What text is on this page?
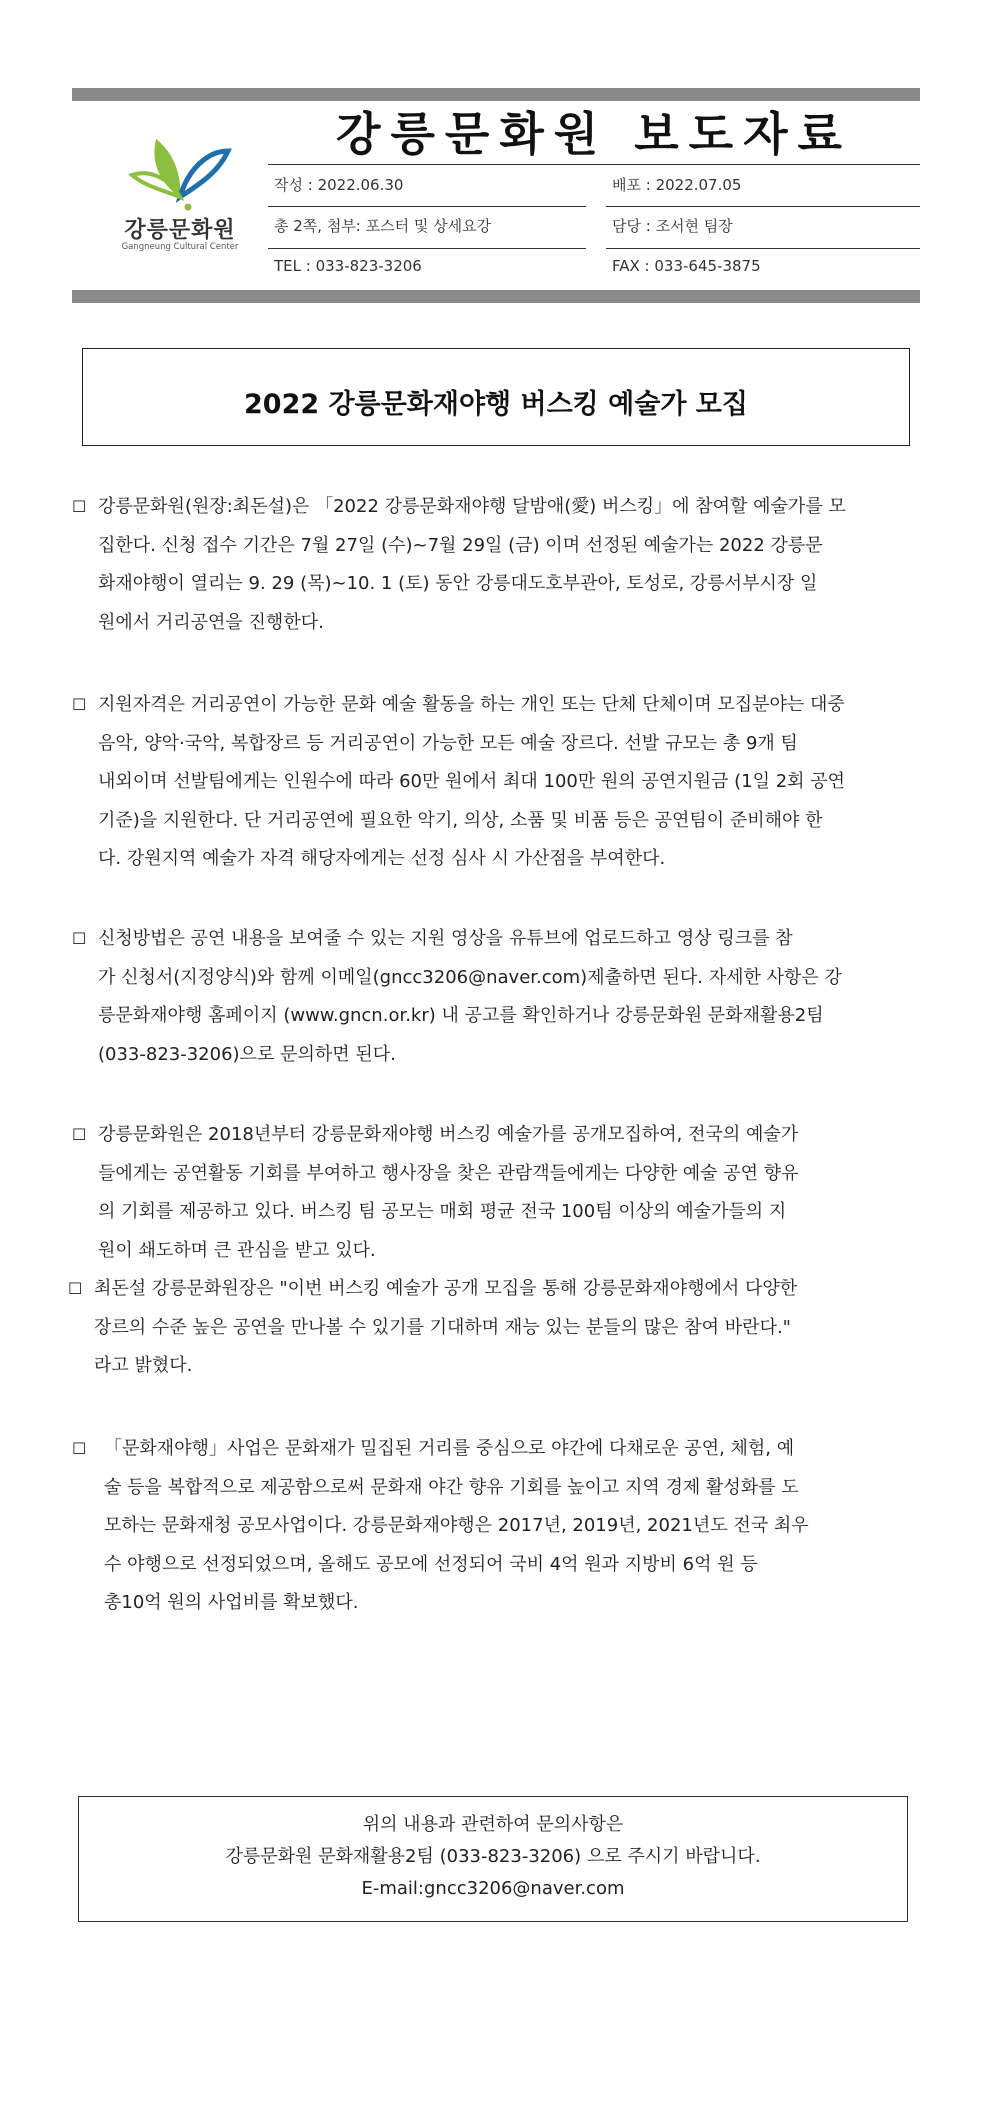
강릉문화원
Gangneung Cultural Center
강릉문화원 보도자료
작성 : 2022.06.30	배포 : 2022.07.05
총 2쪽, 첨부: 포스터 및 상세요강	담당 : 조서현 팀장
TEL : 033-823-3206	FAX : 033-645-3875
2022 강릉문화재야행 버스킹 예술가 모집
☐ 강릉문화원(원장:최돈설)은 「2022 강릉문화재야행 달밤애(愛) 버스킹」에 참여할 예술가를 모
집한다. 신청 접수 기간은 7월 27일 (수)~7월 29일 (금) 이며 선정된 예술가는 2022 강릉문
화재야행이 열리는 9. 29 (목)~10. 1 (토) 동안 강릉대도호부관아, 토성로, 강릉서부시장 일
원에서 거리공연을 진행한다.
☐ 지원자격은 거리공연이 가능한 문화 예술 활동을 하는 개인 또는 단체 단체이며 모집분야는 대중
음악, 양악·국악, 복합장르 등 거리공연이 가능한 모든 예술 장르다. 선발 규모는 총 9개 팀
내외이며 선발팀에게는 인원수에 따라 60만 원에서 최대 100만 원의 공연지원금 (1일 2회 공연
기준)을 지원한다. 단 거리공연에 필요한 악기, 의상, 소품 및 비품 등은 공연팀이 준비해야 한
다. 강원지역 예술가 자격 해당자에게는 선정 심사 시 가산점을 부여한다.
☐ 신청방법은 공연 내용을 보여줄 수 있는 지원 영상을 유튜브에 업로드하고 영상 링크를 참
가 신청서(지정양식)와 함께 이메일(gncc3206@naver.com)제출하면 된다. 자세한 사항은 강
릉문화재야행 홈페이지 (www.gncn.or.kr) 내 공고를 확인하거나 강릉문화원 문화재활용2팀
(033-823-3206)으로 문의하면 된다.
☐ 강릉문화원은 2018년부터 강릉문화재야행 버스킹 예술가를 공개모집하여, 전국의 예술가
들에게는 공연활동 기회를 부여하고 행사장을 찾은 관람객들에게는 다양한 예술 공연 향유
의 기회를 제공하고 있다. 버스킹 팀 공모는 매회 평균 전국 100팀 이상의 예술가들의 지
원이 쇄도하며 큰 관심을 받고 있다.
☐ 최돈설 강릉문화원장은 "이번 버스킹 예술가 공개 모집을 통해 강릉문화재야행에서 다양한
장르의 수준 높은 공연을 만나볼 수 있기를 기대하며 재능 있는 분들의 많은 참여 바란다."
라고 밝혔다.
☐ 「문화재야행」사업은 문화재가 밀집된 거리를 중심으로 야간에 다채로운 공연, 체험, 예
술 등을 복합적으로 제공함으로써 문화재 야간 향유 기회를 높이고 지역 경제 활성화를 도
모하는 문화재청 공모사업이다. 강릉문화재야행은 2017년, 2019년, 2021년도 전국 최우
수 야행으로 선정되었으며, 올해도 공모에 선정되어 국비 4억 원과 지방비 6억 원 등
총10억 원의 사업비를 확보했다.
위의 내용과 관련하여 문의사항은
강릉문화원 문화재활용2팀 (033-823-3206) 으로 주시기 바랍니다.
E-mail:gncc3206@naver.com
